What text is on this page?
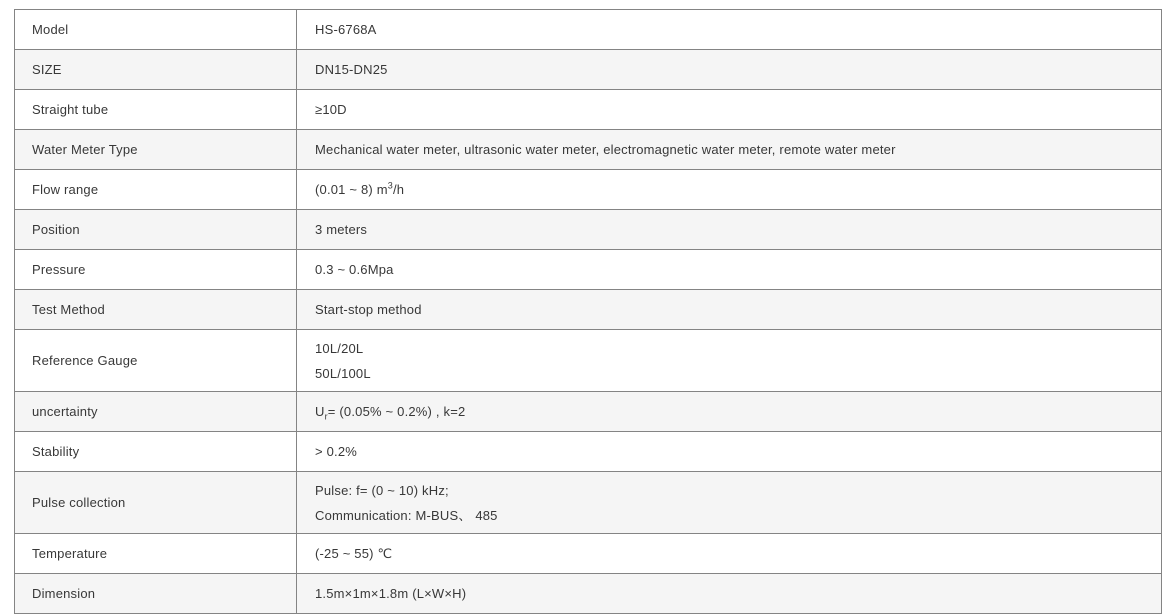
Model	HS-6768A

SIZE	DN15-DN25

Straight tube	≥10D

Water Meter Type	Mechanical water meter, ultrasonic water meter, electromagnetic water meter, remote water meter

Flow range	(0.01 ~ 8) $m^3/h$

Position	3 meters

Pressure	0.3 ~ 0.6Mpa

Test Method	Start-stop method

Reference Gauge	10L/20L
50L/100L

uncertainty	$U_r= (0.05\%$ ~ 0.2%) , k=2

Stability	> 0.2%

Pulse collection	Pulse: f= (0 ~ 10) kHz;
Communication: M-BUS、 485

Temperature	(-25 ~ 55) ℃

Dimension	1.5m×1m×1.8m (L×W×H)
